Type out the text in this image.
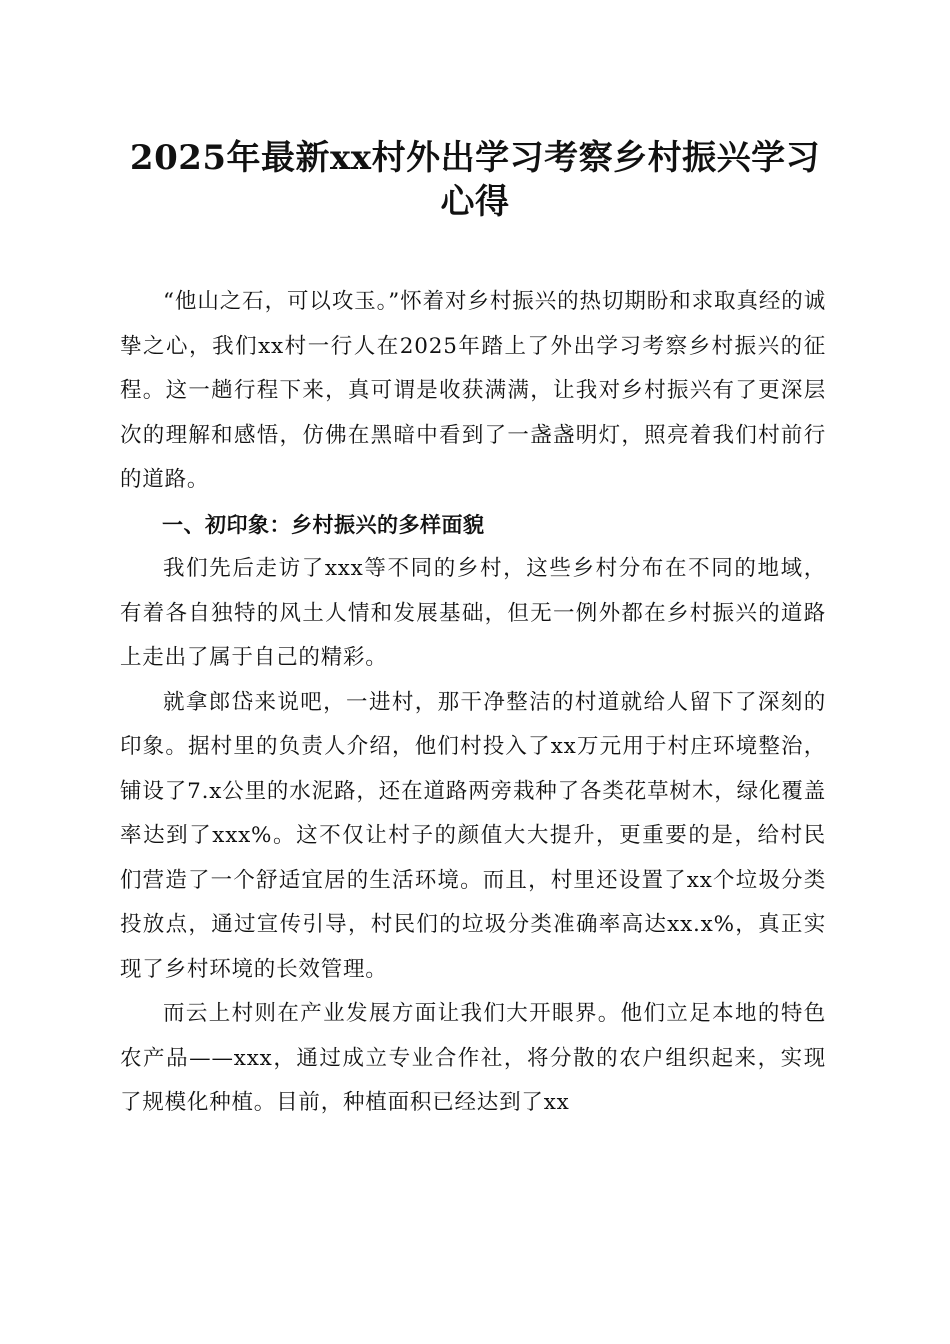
2025年最新xx村外出学习考察乡村振兴学习
心得

“他山之石，可以攻玉。”怀着对乡村振兴的热切期盼和求取真经的诚挚之心，我们xx村一行人在2025年踏上了外出学习考察乡村振兴的征程。这一趟行程下来，真可谓是收获满满，让我对乡村振兴有了更深层次的理解和感悟，仿佛在黑暗中看到了一盏盏明灯，照亮着我们村前行的道路。

一、初印象：乡村振兴的多样面貌

我们先后走访了xxx等不同的乡村，这些乡村分布在不同的地域，有着各自独特的风土人情和发展基础，但无一例外都在乡村振兴的道路上走出了属于自己的精彩。

就拿郎岱来说吧，一进村，那干净整洁的村道就给人留下了深刻的印象。据村里的负责人介绍，他们村投入了xx万元用于村庄环境整治，铺设了7.x公里的水泥路，还在道路两旁栽种了各类花草树木，绿化覆盖率达到了xxx%。这不仅让村子的颜值大大提升，更重要的是，给村民们营造了一个舒适宜居的生活环境。而且，村里还设置了xx个垃圾分类投放点，通过宣传引导，村民们的垃圾分类准确率高达xx.x%，真正实现了乡村环境的长效管理。

而云上村则在产业发展方面让我们大开眼界。他们立足本地的特色农产品——xxx，通过成立专业合作社，将分散的农户组织起来，实现了规模化种植。目前，种植面积已经达到了xx
